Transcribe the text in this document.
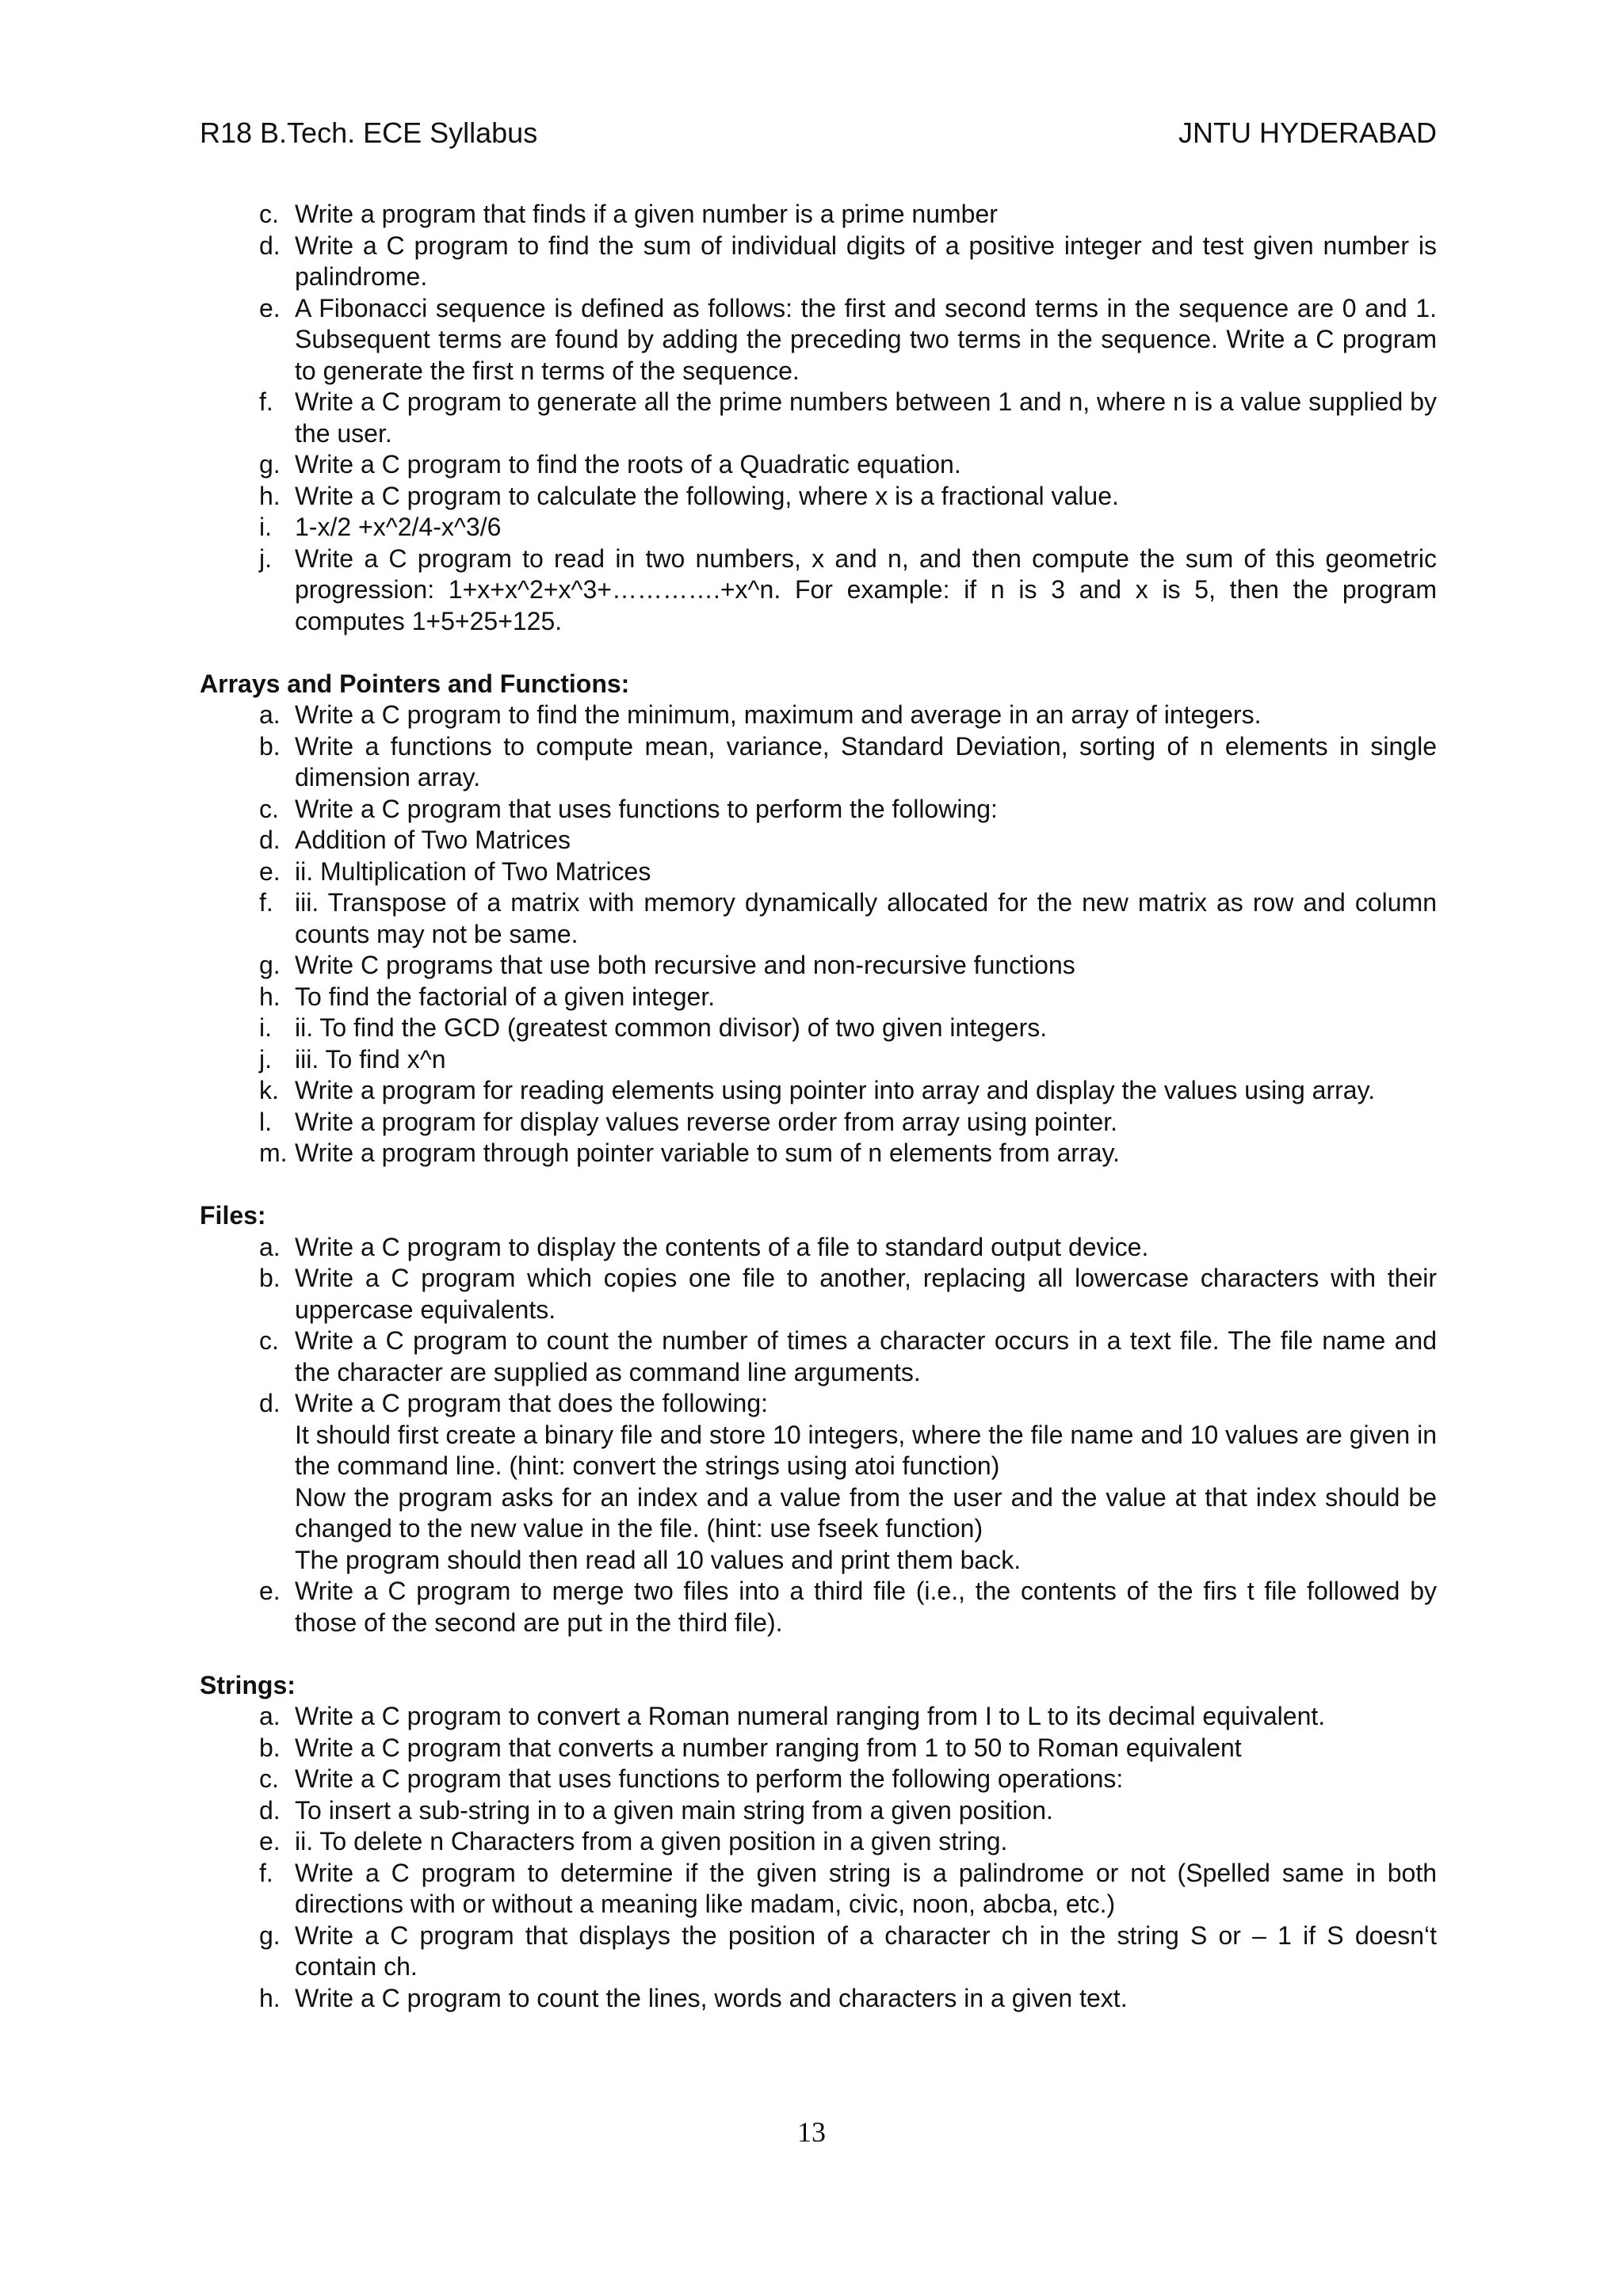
R18 B.Tech. ECE Syllabus	JNTU HYDERABAD
c. Write a program that finds if a given number is a prime number
d. Write a C program to find the sum of individual digits of a positive integer and test given number is palindrome.
e. A Fibonacci sequence is defined as follows: the first and second terms in the sequence are 0 and 1. Subsequent terms are found by adding the preceding two terms in the sequence. Write a C program to generate the first n terms of the sequence.
f. Write a C program to generate all the prime numbers between 1 and n, where n is a value supplied by the user.
g. Write a C program to find the roots of a Quadratic equation.
h. Write a C program to calculate the following, where x is a fractional value.
i. 1-x/2 +x^2/4-x^3/6
j. Write a C program to read in two numbers, x and n, and then compute the sum of this geometric progression: 1+x+x^2+x^3+………….+x^n. For example: if n is 3 and x is 5, then the program computes 1+5+25+125.
Arrays and Pointers and Functions:
a. Write a C program to find the minimum, maximum and average in an array of integers.
b. Write a functions to compute mean, variance, Standard Deviation, sorting of n elements in single dimension array.
c. Write a C program that uses functions to perform the following:
d. Addition of Two Matrices
e. ii. Multiplication of Two Matrices
f. iii. Transpose of a matrix with memory dynamically allocated for the new matrix as row and column counts may not be same.
g. Write C programs that use both recursive and non-recursive functions
h. To find the factorial of a given integer.
i. ii. To find the GCD (greatest common divisor) of two given integers.
j. iii. To find x^n
k. Write a program for reading elements using pointer into array and display the values using array.
l. Write a program for display values reverse order from array using pointer.
m. Write a program through pointer variable to sum of n elements from array.
Files:
a. Write a C program to display the contents of a file to standard output device.
b. Write a C program which copies one file to another, replacing all lowercase characters with their uppercase equivalents.
c. Write a C program to count the number of times a character occurs in a text file. The file name and the character are supplied as command line arguments.
d. Write a C program that does the following:
It should first create a binary file and store 10 integers, where the file name and 10 values are given in the command line. (hint: convert the strings using atoi function)
Now the program asks for an index and a value from the user and the value at that index should be changed to the new value in the file. (hint: use fseek function)
The program should then read all 10 values and print them back.
e. Write a C program to merge two files into a third file (i.e., the contents of the firs t file followed by those of the second are put in the third file).
Strings:
a. Write a C program to convert a Roman numeral ranging from I to L to its decimal equivalent.
b. Write a C program that converts a number ranging from 1 to 50 to Roman equivalent
c. Write a C program that uses functions to perform the following operations:
d. To insert a sub-string in to a given main string from a given position.
e. ii. To delete n Characters from a given position in a given string.
f. Write a C program to determine if the given string is a palindrome or not (Spelled same in both directions with or without a meaning like madam, civic, noon, abcba, etc.)
g. Write a C program that displays the position of a character ch in the string S or – 1 if S doesn‘t contain ch.
h. Write a C program to count the lines, words and characters in a given text.
13
